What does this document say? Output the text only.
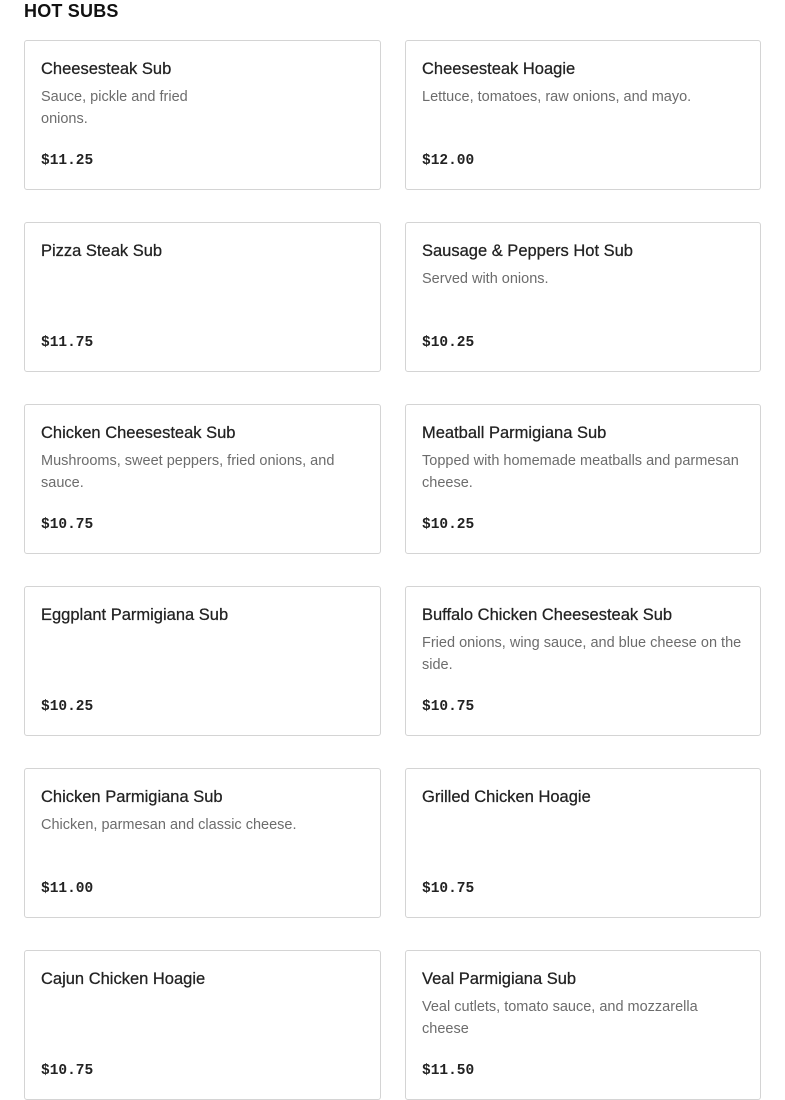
HOT SUBS
Cheesesteak Sub
Sauce, pickle and fried onions.
$11.25
Cheesesteak Hoagie
Lettuce, tomatoes, raw onions, and mayo.
$12.00
Pizza Steak Sub
$11.75
Sausage & Peppers Hot Sub
Served with onions.
$10.25
Chicken Cheesesteak Sub
Mushrooms, sweet peppers, fried onions, and sauce.
$10.75
Meatball Parmigiana Sub
Topped with homemade meatballs and parmesan cheese.
$10.25
Eggplant Parmigiana Sub
$10.25
Buffalo Chicken Cheesesteak Sub
Fried onions, wing sauce, and blue cheese on the side.
$10.75
Chicken Parmigiana Sub
Chicken, parmesan and classic cheese.
$11.00
Grilled Chicken Hoagie
$10.75
Cajun Chicken Hoagie
$10.75
Veal Parmigiana Sub
Veal cutlets, tomato sauce, and mozzarella cheese
$11.50
